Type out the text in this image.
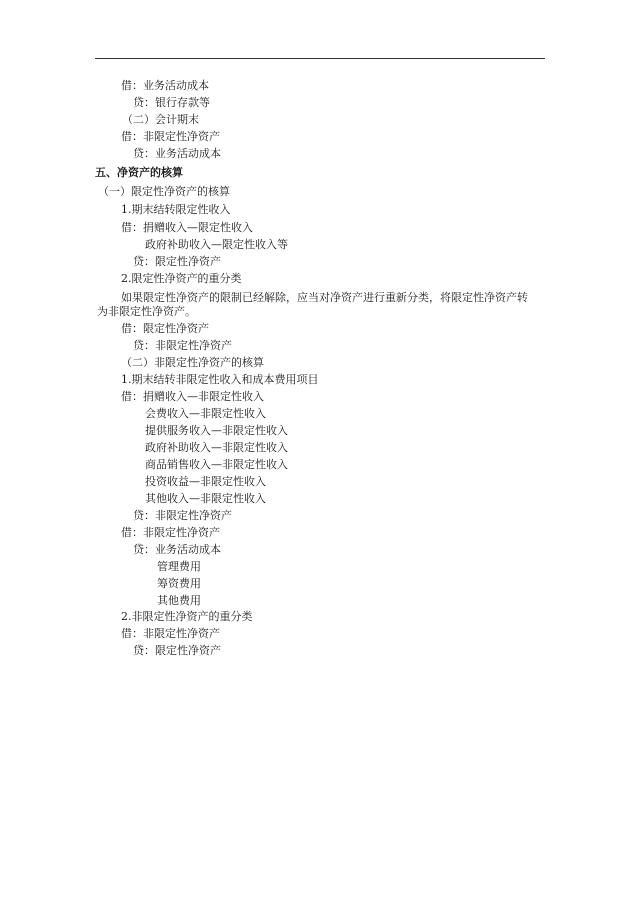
借：业务活动成本
贷：银行存款等
（二）会计期末
借：非限定性净资产
贷：业务活动成本
五、净资产的核算
（一）限定性净资产的核算
1.期末结转限定性收入
借：捐赠收入—限定性收入
政府补助收入—限定性收入等
贷：限定性净资产
2.限定性净资产的重分类
如果限定性净资产的限制已经解除，应当对净资产进行重新分类，将限定性净资产转
为非限定性净资产。
借：限定性净资产
贷：非限定性净资产
（二）非限定性净资产的核算
1.期末结转非限定性收入和成本费用项目
借：捐赠收入—非限定性收入
会费收入—非限定性收入
提供服务收入—非限定性收入
政府补助收入—非限定性收入
商品销售收入—非限定性收入
投资收益—非限定性收入
其他收入—非限定性收入
贷：非限定性净资产
借：非限定性净资产
贷：业务活动成本
管理费用
筹资费用
其他费用
2.非限定性净资产的重分类
借：非限定性净资产
贷：限定性净资产
